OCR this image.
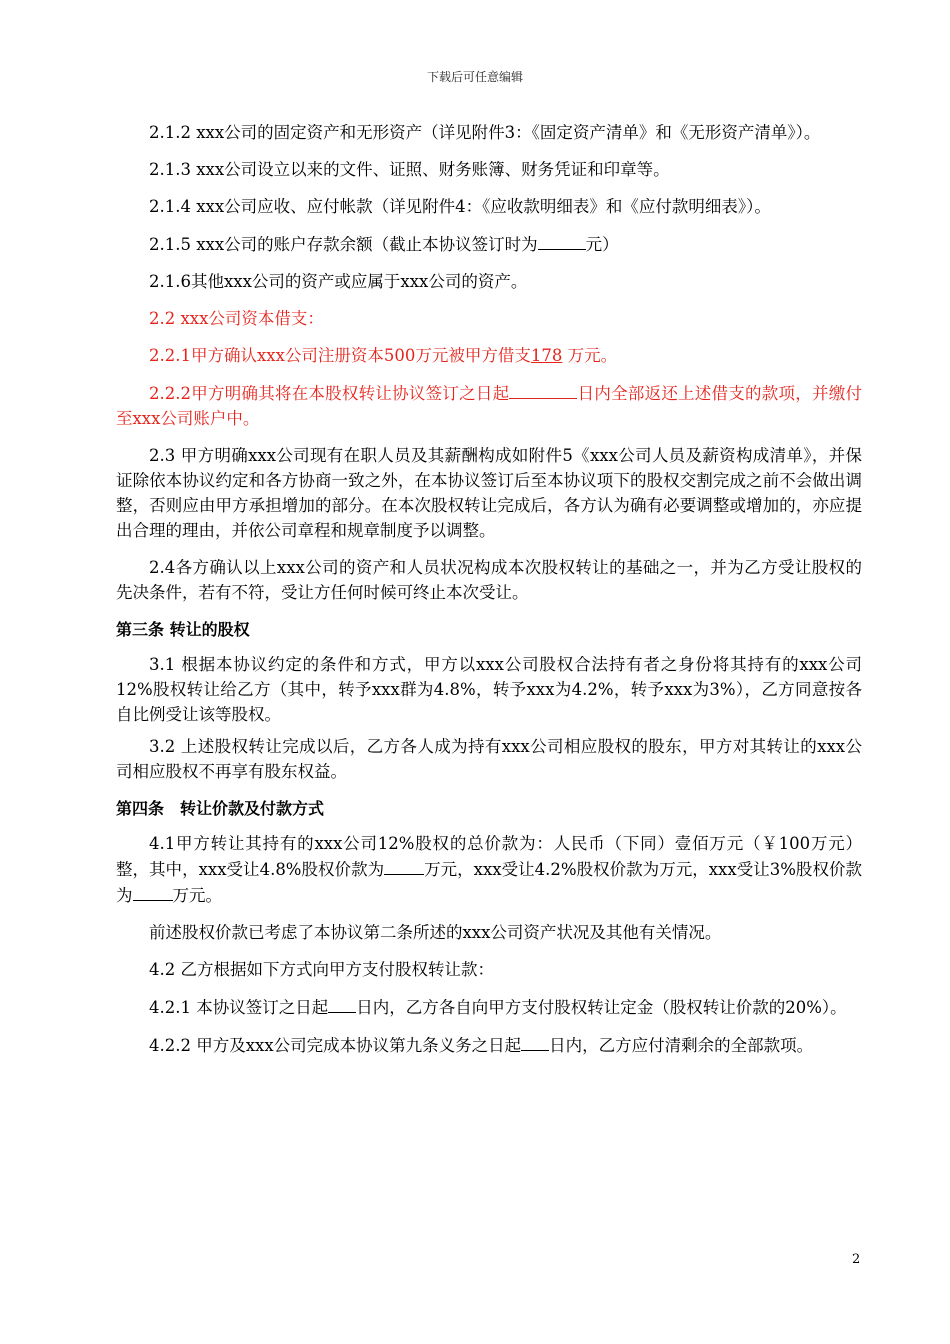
下载后可任意编辑

2.1.2 xxx公司的固定资产和无形资产（详见附件3：《固定资产清单》和《无形资产清单》）。

2.1.3 xxx公司设立以来的文件、证照、财务账簿、财务凭证和印章等。

2.1.4 xxx公司应收、应付帐款（详见附件4：《应收款明细表》和《应付款明细表》）。

2.1.5 xxx公司的账户存款余额（截止本协议签订时为	元）

2.1.6其他xxx公司的资产或应属于xxx公司的资产。

2.2 xxx公司资本借支：

2.2.1甲方确认xxx公司注册资本500万元被甲方借支178 万元。

2.2.2甲方明确其将在本股权转让协议签订之日起	日内全部返还上述借支的款项，并缴付至xxx公司账户中。

2.3 甲方明确xxx公司现有在职人员及其薪酬构成如附件5《xxx公司人员及薪资构成清单》，并保证除依本协议约定和各方协商一致之外，在本协议签订后至本协议项下的股权交割完成之前不会做出调整，否则应由甲方承担增加的部分。在本次股权转让完成后，各方认为确有必要调整或增加的，亦应提出合理的理由，并依公司章程和规章制度予以调整。

2.4各方确认以上xxx公司的资产和人员状况构成本次股权转让的基础之一，并为乙方受让股权的先决条件，若有不符，受让方任何时候可终止本次受让。

第三条 转让的股权

3.1 根据本协议约定的条件和方式，甲方以xxx公司股权合法持有者之身份将其持有的xxx公司12%股权转让给乙方（其中，转予xxx群为4.8%，转予xxx为4.2%，转予xxx为3%），乙方同意按各自比例受让该等股权。

3.2 上述股权转让完成以后，乙方各人成为持有xxx公司相应股权的股东，甲方对其转让的xxx公司相应股权不再享有股东权益。

第四条　转让价款及付款方式

4.1甲方转让其持有的xxx公司12%股权的总价款为：人民币（下同）壹佰万元（￥100万元）整，其中，xxx受让4.8%股权价款为 万元，xxx受让4.2%股权价款为万元，xxx受让3%股权价款为 万元。

前述股权价款已考虑了本协议第二条所述的xxx公司资产状况及其他有关情况。

4.2 乙方根据如下方式向甲方支付股权转让款：

4.2.1 本协议签订之日起 日内，乙方各自向甲方支付股权转让定金（股权转让价款的20%）。

4.2.2 甲方及xxx公司完成本协议第九条义务之日起 日内，乙方应付清剩余的全部款项。

2
